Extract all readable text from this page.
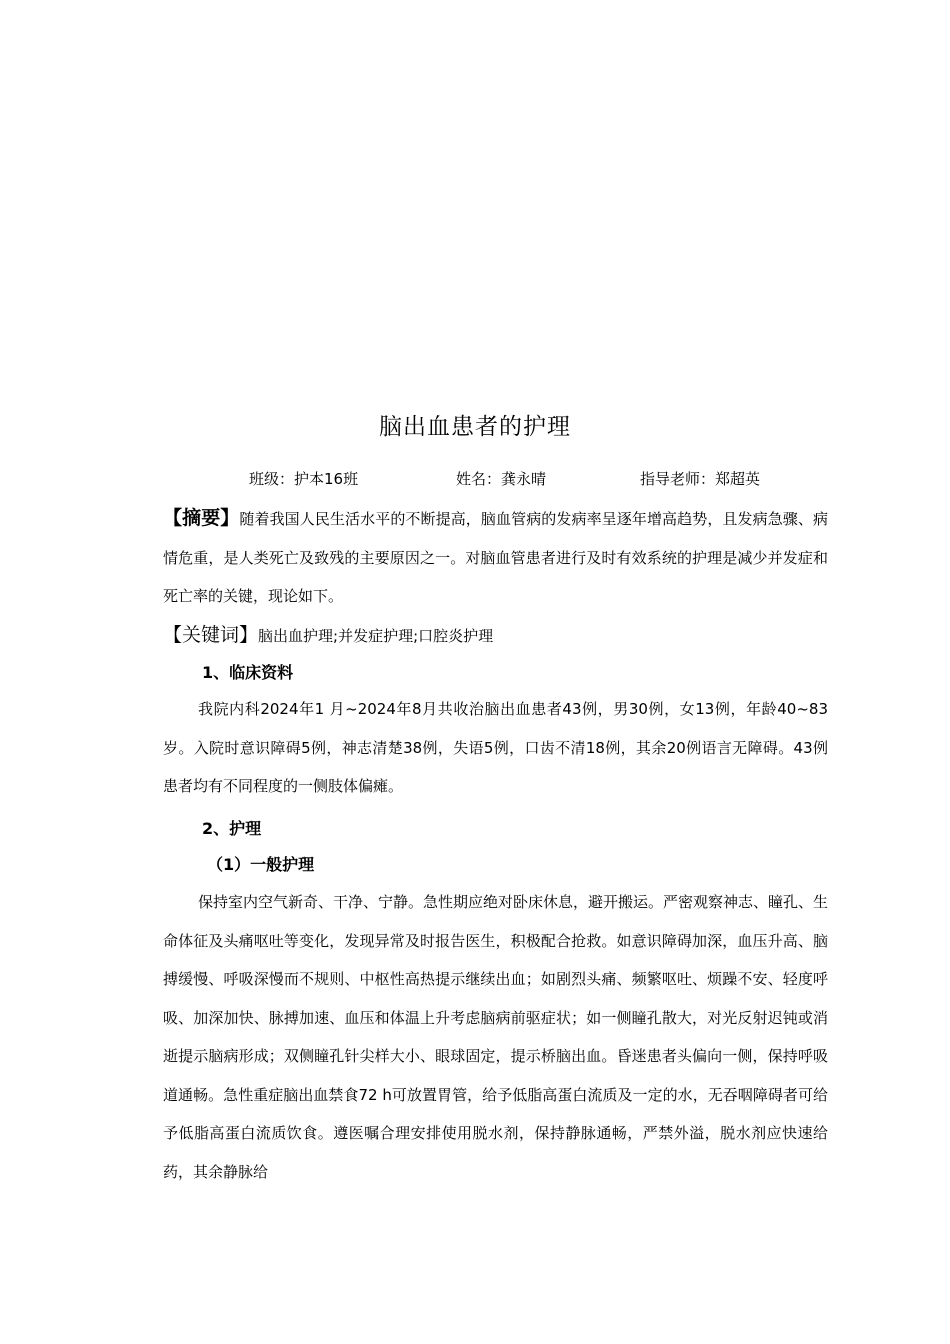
脑出血患者的护理
班级：护本16班	姓名：龚永晴	指导老师：郑超英
【摘要】随着我国人民生活水平的不断提高，脑血管病的发病率呈逐年增高趋势，且发病急骤、病情危重，是人类死亡及致残的主要原因之一。对脑血管患者进行及时有效系统的护理是减少并发症和死亡率的关键，现论如下。
【关键词】脑出血护理;并发症护理;口腔炎护理
1、临床资料
我院内科2024年1 月~2024年8月共收治脑出血患者43例，男30例，女13例，年龄40~83岁。入院时意识障碍5例，神志清楚38例，失语5例，口齿不清18例，其余20例语言无障碍。43例患者均有不同程度的一侧肢体偏瘫。
2、护理
（1）一般护理
保持室内空气新奇、干净、宁静。急性期应绝对卧床休息，避开搬运。严密观察神志、瞳孔、生命体征及头痛呕吐等变化，发现异常及时报告医生，积极配合抢救。如意识障碍加深，血压升高、脑搏缓慢、呼吸深慢而不规则、中枢性高热提示继续出血；如剧烈头痛、频繁呕吐、烦躁不安、轻度呼吸、加深加快、脉搏加速、血压和体温上升考虑脑病前驱症状；如一侧瞳孔散大，对光反射迟钝或消逝提示脑病形成；双侧瞳孔针尖样大小、眼球固定，提示桥脑出血。昏迷患者头偏向一侧，保持呼吸道通畅。急性重症脑出血禁食72 h可放置胃管，给予低脂高蛋白流质及一定的水，无吞咽障碍者可给予低脂高蛋白流质饮食。遵医嘱合理安排使用脱水剂，保持静脉通畅，严禁外溢，脱水剂应快速给药，其余静脉给
